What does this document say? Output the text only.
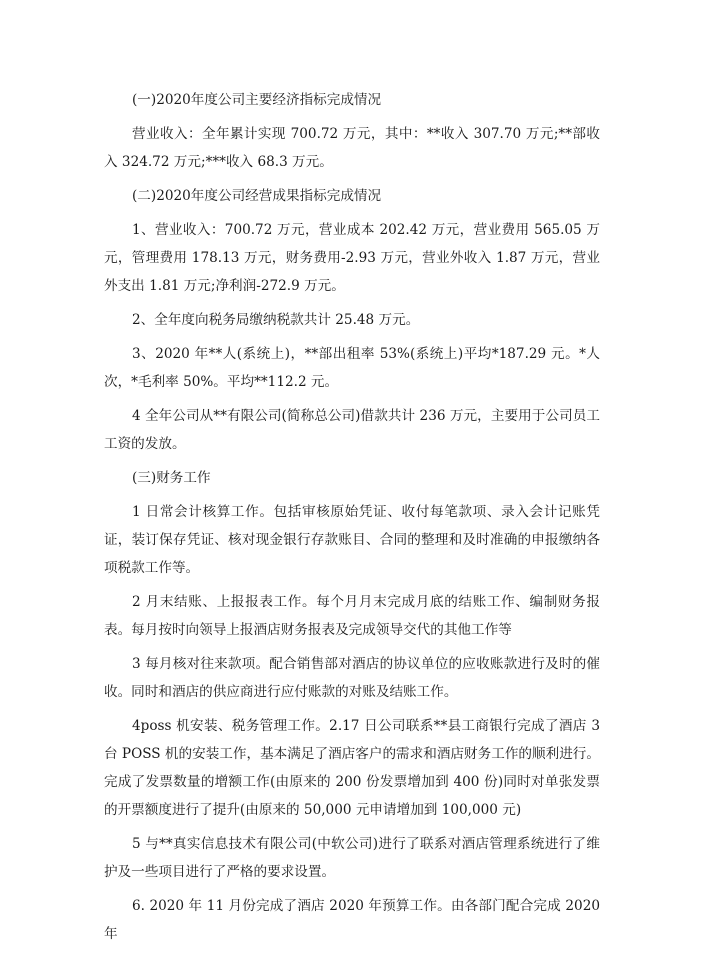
(一)2020年度公司主要经济指标完成情况

营业收入：全年累计实现 700.72 万元，其中：**收入 307.70 万元;**部收入 324.72 万元;***收入 68.3 万元。

(二)2020年度公司经营成果指标完成情况

1、营业收入：700.72 万元，营业成本 202.42 万元，营业费用 565.05 万元，管理费用 178.13 万元，财务费用-2.93 万元，营业外收入 1.87 万元，营业外支出 1.81 万元;净利润-272.9 万元。

2、全年度向税务局缴纳税款共计 25.48 万元。

3、2020 年**人(系统上)，**部出租率 53%(系统上)平均*187.29 元。*人次，*毛利率 50%。平均**112.2 元。

4 全年公司从**有限公司(简称总公司)借款共计 236 万元，主要用于公司员工工资的发放。

(三)财务工作

1 日常会计核算工作。包括审核原始凭证、收付每笔款项、录入会计记账凭证，装订保存凭证、核对现金银行存款账目、合同的整理和及时准确的申报缴纳各项税款工作等。

2 月末结账、上报报表工作。每个月月末完成月底的结账工作、编制财务报表。每月按时向领导上报酒店财务报表及完成领导交代的其他工作等

3 每月核对往来款项。配合销售部对酒店的协议单位的应收账款进行及时的催收。同时和酒店的供应商进行应付账款的对账及结账工作。

4poss 机安装、税务管理工作。2.17 日公司联系**县工商银行完成了酒店 3 台 POSS 机的安装工作，基本满足了酒店客户的需求和酒店财务工作的顺利进行。完成了发票数量的增额工作(由原来的 200 份发票增加到 400 份)同时对单张发票的开票额度进行了提升(由原来的 50,000 元申请增加到 100,000 元)

5 与**真实信息技术有限公司(中软公司)进行了联系对酒店管理系统进行了维护及一些项目进行了严格的要求设置。

6. 2020 年 11 月份完成了酒店 2020 年预算工作。由各部门配合完成 2020 年
